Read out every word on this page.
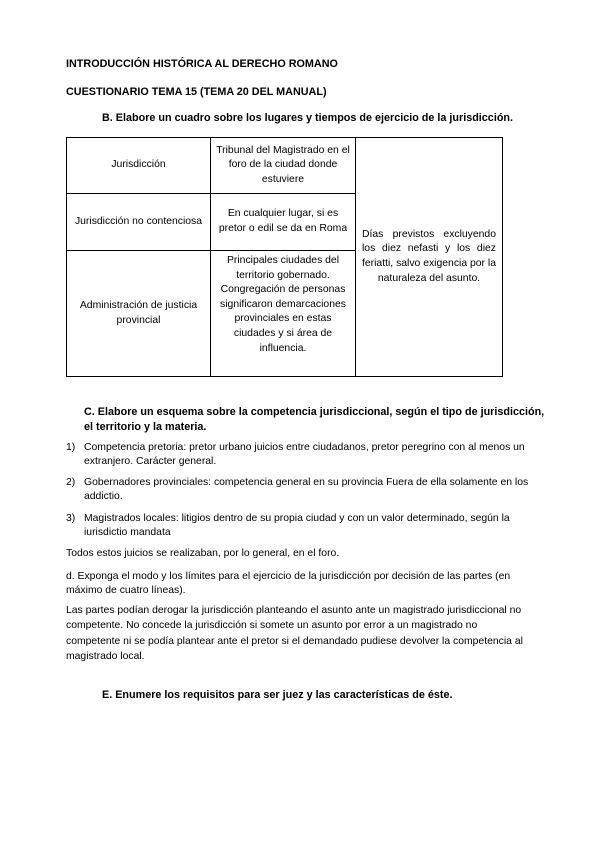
INTRODUCCIÓN HISTÓRICA AL DERECHO ROMANO
CUESTIONARIO TEMA 15 (TEMA 20 DEL MANUAL)
B. Elabore un cuadro sobre los lugares y tiempos de ejercicio de la jurisdicción.
Jurisdicción	Tribunal del Magistrado en el foro de la ciudad donde estuviere	Días previstos excluyendo los diez nefasti y los diez feriatti, salvo exigencia por la naturaleza del asunto.
Jurisdicción no contenciosa	En cualquier lugar, si es pretor o edil se da en Roma	
Administración de justicia provincial	Principales ciudades del territorio gobernado. Congregación de personas significaron demarcaciones provinciales en estas ciudades y si área de influencia.	
C. Elabore un esquema sobre la competencia jurisdiccional, según el tipo de jurisdicción,
el territorio y la materia.
1) Competencia pretoria: pretor urbano juicios entre ciudadanos, pretor peregrino con al menos un extranjero. Carácter general.
2) Gobernadores provinciales: competencia general en su provincia Fuera de ella solamente en los addictio.
3) Magistrados locales: litigios dentro de su propia ciudad y con un valor determinado, según la iurisdictio mandata
Todos estos juicios se realizaban, por lo general, en el foro.
d. Exponga el modo y los límites para el ejercicio de la jurisdicción por decisión de las partes (en máximo de cuatro líneas).
Las partes podían derogar la jurisdicción planteando el asunto ante un magistrado jurisdiccional no competente. No concede la jurisdicción si somete un asunto por error a un magistrado no competente ni se podía plantear ante el pretor si el demandado pudiese devolver la competencia al magistrado local.
E. Enumere los requisitos para ser juez y las características de éste.
